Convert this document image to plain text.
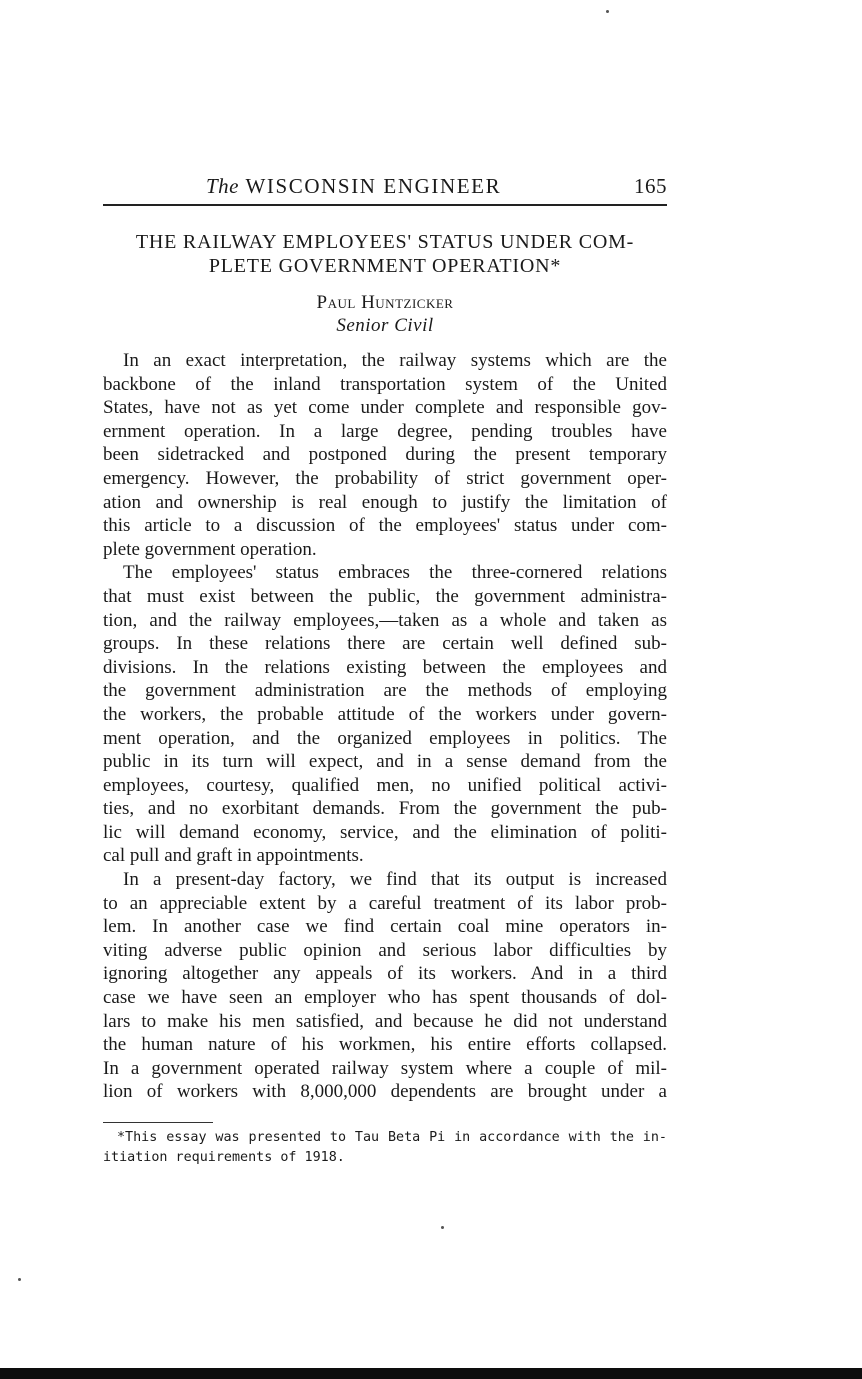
The WISCONSIN ENGINEER	165
THE RAILWAY EMPLOYEES' STATUS UNDER COM-
PLETE GOVERNMENT OPERATION*
Paul Huntzicker
Senior Civil
In an exact interpretation, the railway systems which are the
backbone of the inland transportation system of the United
States, have not as yet come under complete and responsible gov-
ernment operation. In a large degree, pending troubles have
been sidetracked and postponed during the present temporary
emergency. However, the probability of strict government oper-
ation and ownership is real enough to justify the limitation of
this article to a discussion of the employees' status under com-
plete government operation.
The employees' status embraces the three-cornered relations
that must exist between the public, the government administra-
tion, and the railway employees,—taken as a whole and taken as
groups. In these relations there are certain well defined sub-
divisions. In the relations existing between the employees and
the government administration are the methods of employing
the workers, the probable attitude of the workers under govern-
ment operation, and the organized employees in politics. The
public in its turn will expect, and in a sense demand from the
employees, courtesy, qualified men, no unified political activi-
ties, and no exorbitant demands. From the government the pub-
lic will demand economy, service, and the elimination of politi-
cal pull and graft in appointments.
In a present-day factory, we find that its output is increased
to an appreciable extent by a careful treatment of its labor prob-
lem. In another case we find certain coal mine operators in-
viting adverse public opinion and serious labor difficulties by
ignoring altogether any appeals of its workers. And in a third
case we have seen an employer who has spent thousands of dol-
lars to make his men satisfied, and because he did not understand
the human nature of his workmen, his entire efforts collapsed.
In a government operated railway system where a couple of mil-
lion of workers with 8,000,000 dependents are brought under a
*This essay was presented to Tau Beta Pi in accordance with the in-
itiation requirements of 1918.
